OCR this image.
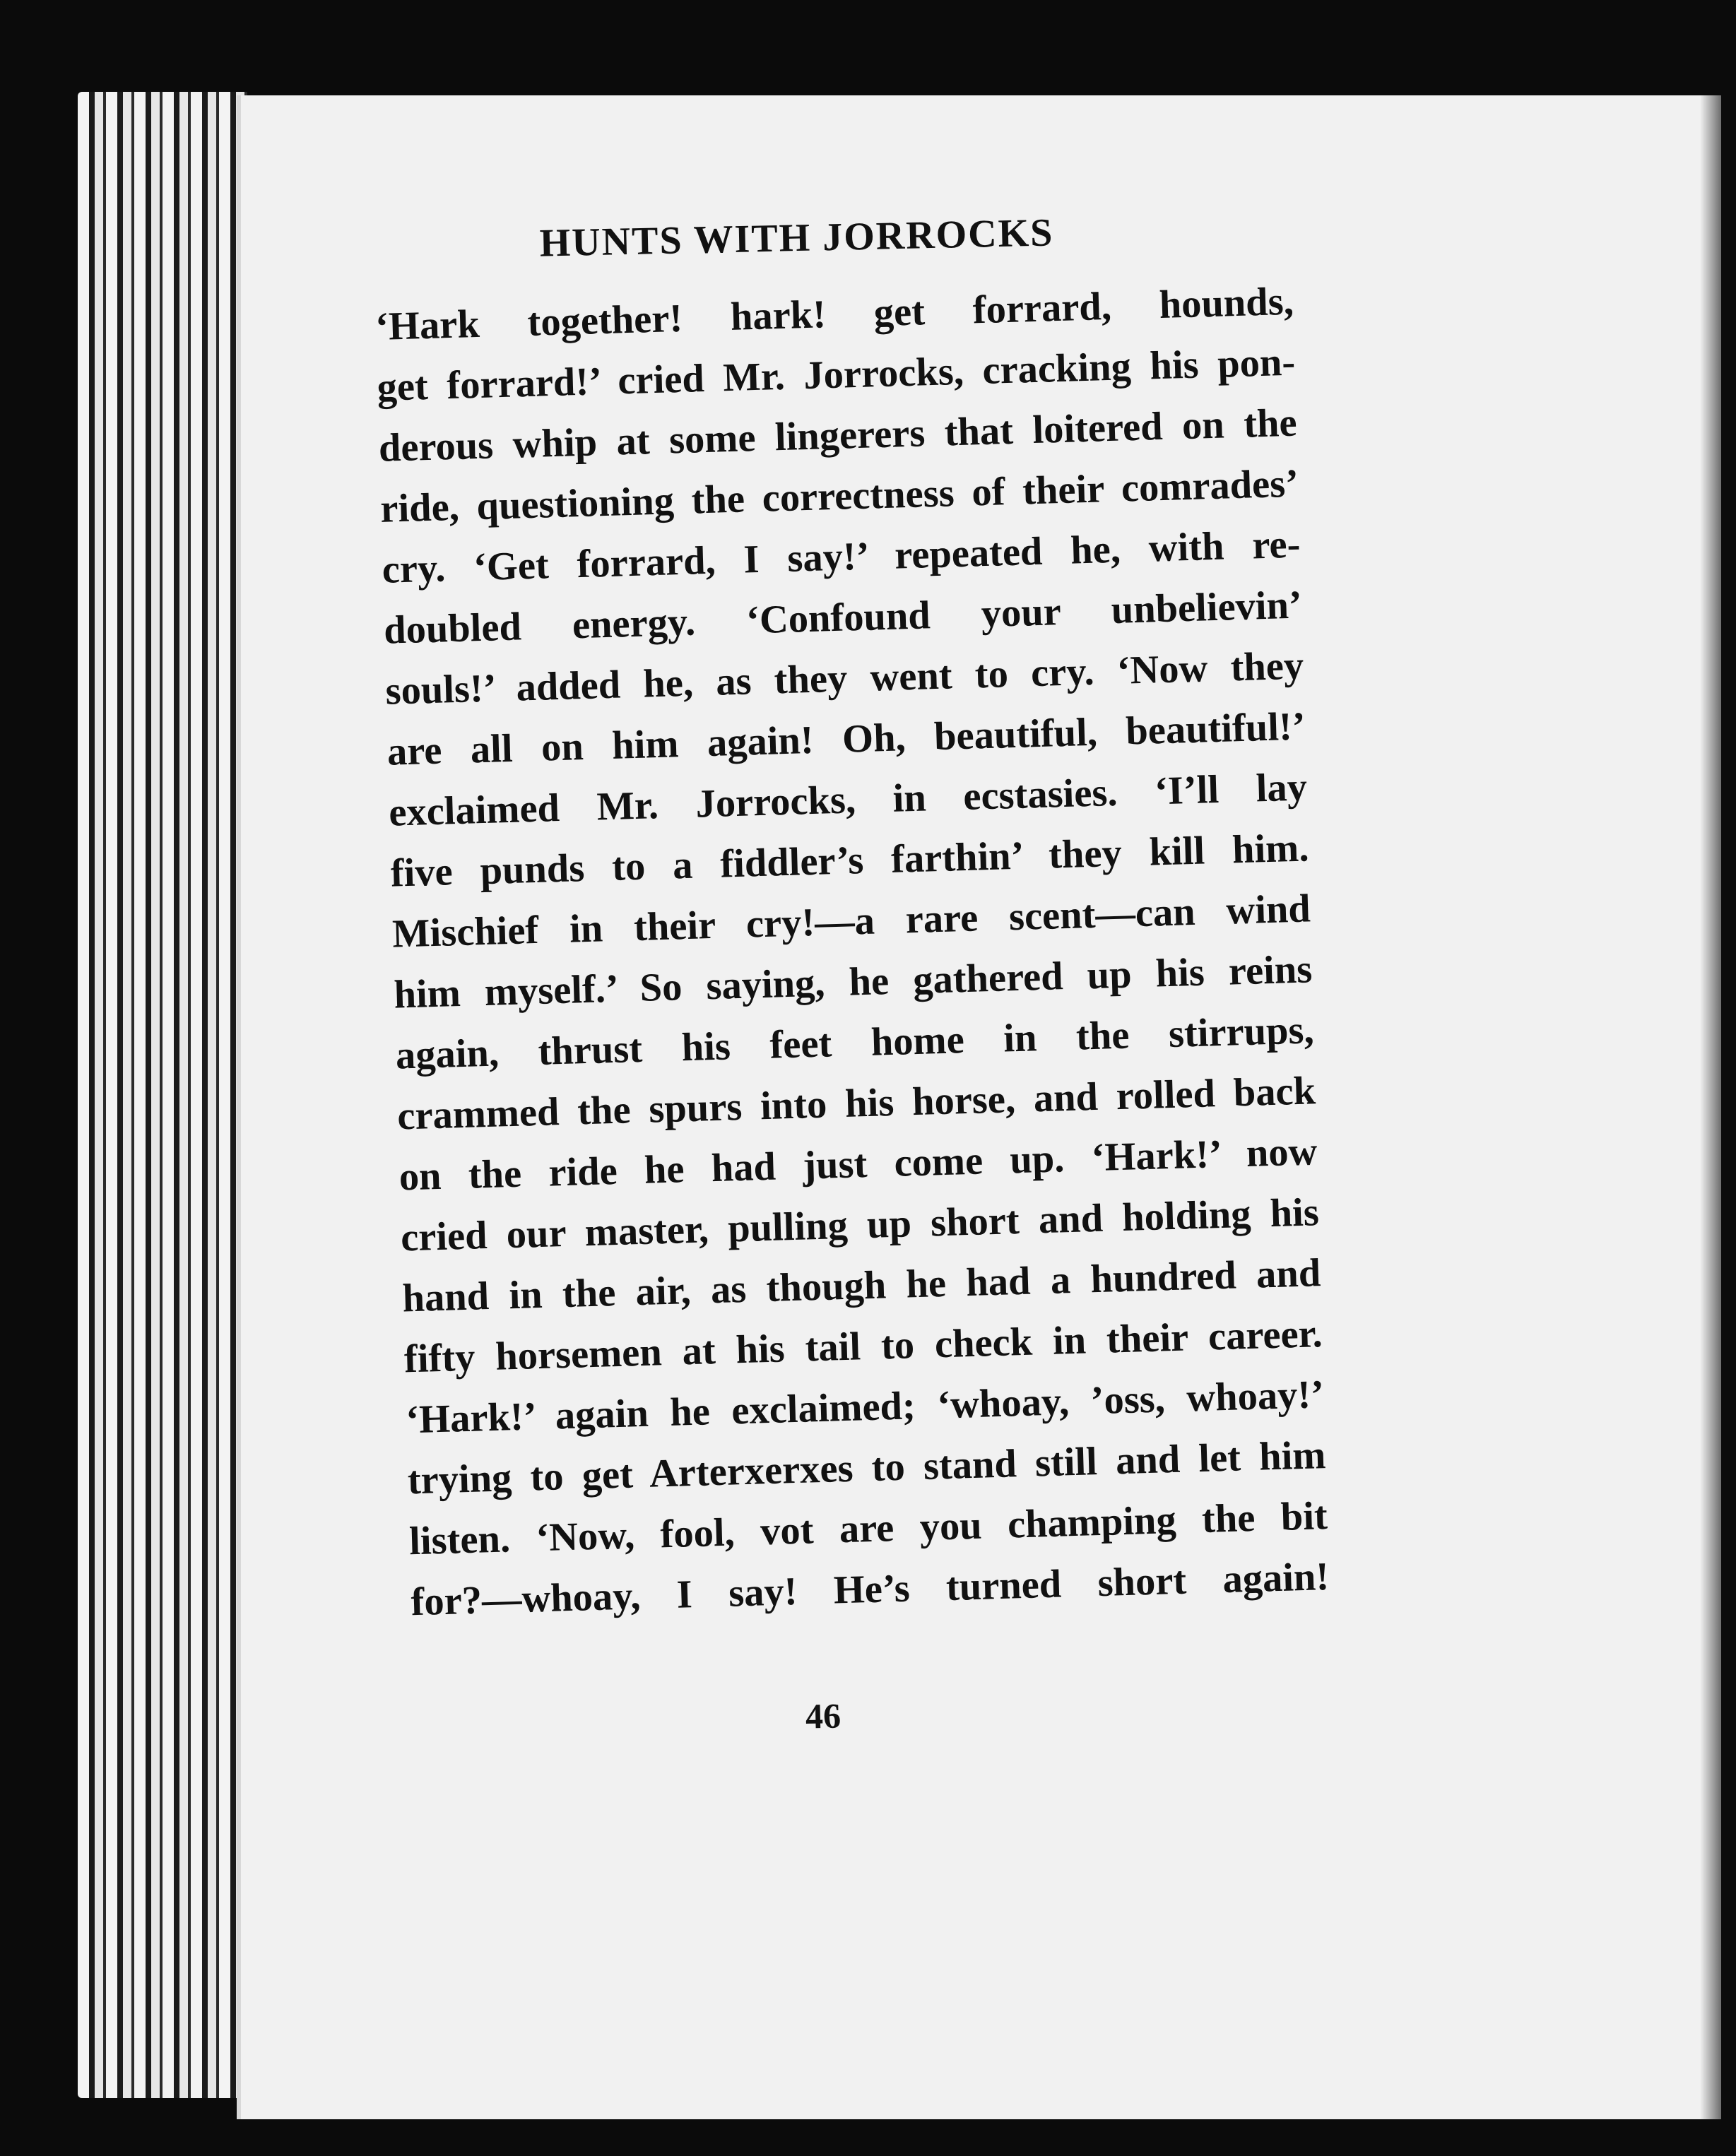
HUNTS WITH JORROCKS
‘Hark together! hark! get forrard, hounds,
get forrard!’ cried Mr. Jorrocks, cracking his pon-
derous whip at some lingerers that loitered on the
ride, questioning the correctness of their comrades’
cry. ‘Get forrard, I say!’ repeated he, with re-
doubled energy. ‘Confound your unbelievin’
souls!’ added he, as they went to cry. ‘Now they
are all on him again! Oh, beautiful, beautiful!’
exclaimed Mr. Jorrocks, in ecstasies. ‘I’ll lay
five punds to a fiddler’s farthin’ they kill him.
Mischief in their cry!—a rare scent—can wind
him myself.’ So saying, he gathered up his reins
again, thrust his feet home in the stirrups,
crammed the spurs into his horse, and rolled back
on the ride he had just come up. ‘Hark!’ now
cried our master, pulling up short and holding his
hand in the air, as though he had a hundred and
fifty horsemen at his tail to check in their career.
‘Hark!’ again he exclaimed; ‘whoay, ’oss, whoay!’
trying to get Arterxerxes to stand still and let him
listen. ‘Now, fool, vot are you champing the bit
for?—whoay, I say! He’s turned short again!
46
